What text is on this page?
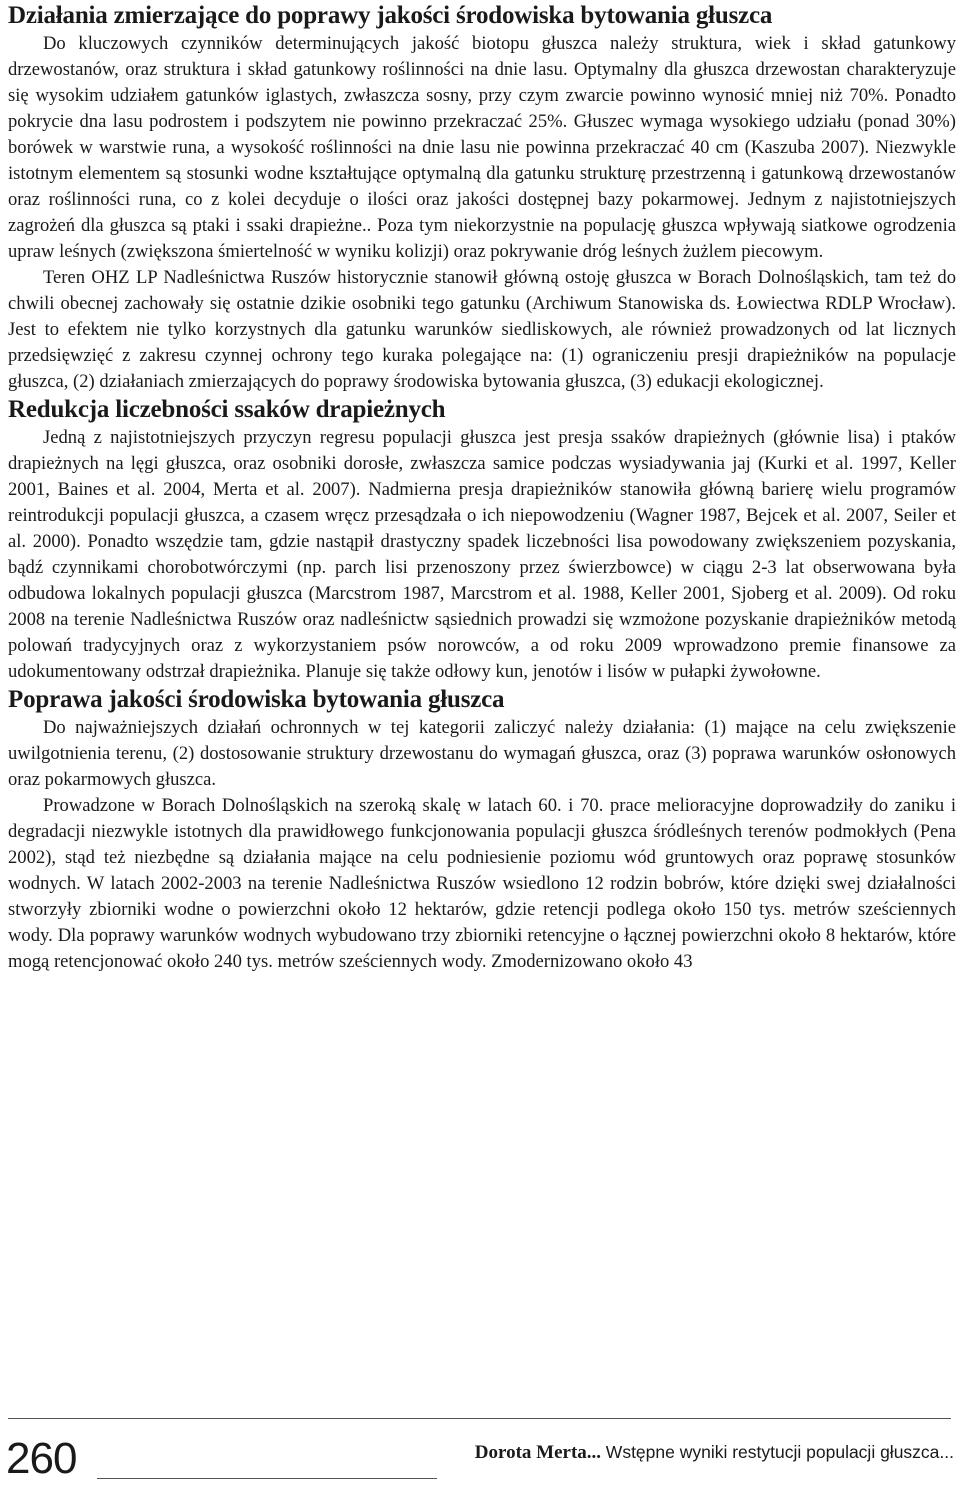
Działania zmierzające do poprawy jakości środowiska bytowania głuszca

Do kluczowych czynników determinujących jakość biotopu głuszca należy struktura, wiek i skład gatunkowy drzewostanów, oraz struktura i skład gatunkowy roślinności na dnie lasu. Optymalny dla głuszca drzewostan charakteryzuje się wysokim udziałem gatunków iglastych, zwłaszcza sosny, przy czym zwarcie powinno wynosić mniej niż 70%. Ponadto pokrycie dna lasu podrostem i podszytem nie powinno przekraczać 25%. Głuszec wymaga wysokiego udziału (ponad 30%) borówek w warstwie runa, a wysokość roślinności na dnie lasu nie powinna przekraczać 40 cm (Kaszuba 2007). Niezwykle istotnym elementem są stosunki wodne kształtujące optymalną dla gatunku strukturę przestrzenną i gatunkową drzewostanów oraz roślinności runa, co z kolei decyduje o ilości oraz jakości dostępnej bazy pokarmowej. Jednym z najistotniejszych zagrożeń dla głuszca są ptaki i ssaki drapieżne.. Poza tym niekorzystnie na populację głuszca wpływają siatkowe ogrodzenia upraw leśnych (zwiększona śmiertelność w wyniku kolizji) oraz pokrywanie dróg leśnych żużlem piecowym.

Teren OHZ LP Nadleśnictwa Ruszów historycznie stanowił główną ostoję głuszca w Borach Dolnośląskich, tam też do chwili obecnej zachowały się ostatnie dzikie osobniki tego gatunku (Archiwum Stanowiska ds. Łowiectwa RDLP Wrocław). Jest to efektem nie tylko korzystnych dla gatunku warunków siedliskowych, ale również prowadzonych od lat licznych przedsięwzięć z zakresu czynnej ochrony tego kuraka polegające na: (1) ograniczeniu presji drapieżników na populacje głuszca, (2) działaniach zmierzających do poprawy środowiska bytowania głuszca, (3) edukacji ekologicznej.

Redukcja liczebności ssaków drapieżnych

Jedną z najistotniejszych przyczyn regresu populacji głuszca jest presja ssaków drapieżnych (głównie lisa) i ptaków drapieżnych na lęgi głuszca, oraz osobniki dorosłe, zwłaszcza samice podczas wysiadywania jaj (Kurki et al. 1997, Keller 2001, Baines et al. 2004, Merta et al. 2007). Nadmierna presja drapieżników stanowiła główną barierę wielu programów reintrodukcji populacji głuszca, a czasem wręcz przesądzała o ich niepowodzeniu (Wagner 1987, Bejcek et al. 2007, Seiler et al. 2000). Ponadto wszędzie tam, gdzie nastąpił drastyczny spadek liczebności lisa powodowany zwiększeniem pozyskania, bądź czynnikami chorobotwórczymi (np. parch lisi przenoszony przez świerzbowce) w ciągu 2-3 lat obserwowana była odbudowa lokalnych populacji głuszca (Marcstrom 1987, Marcstrom et al. 1988, Keller 2001, Sjoberg et al. 2009). Od roku 2008 na terenie Nadleśnictwa Ruszów oraz nadleśnictw sąsiednich prowadzi się wzmożone pozyskanie drapieżników metodą polowań tradycyjnych oraz z wykorzystaniem psów norowców, a od roku 2009 wprowadzono premie finansowe za udokumentowany odstrzał drapieżnika. Planuje się także odłowy kun, jenotów i lisów w pułapki żywołowne.

Poprawa jakości środowiska bytowania głuszca

Do najważniejszych działań ochronnych w tej kategorii zaliczyć należy działania: (1) mające na celu zwiększenie uwilgotnienia terenu, (2) dostosowanie struktury drzewostanu do wymagań głuszca, oraz (3) poprawa warunków osłonowych oraz pokarmowych głuszca.

Prowadzone w Borach Dolnośląskich na szeroką skalę w latach 60. i 70. prace melioracyjne doprowadziły do zaniku i degradacji niezwykle istotnych dla prawidłowego funkcjonowania populacji głuszca śródleśnych terenów podmokłych (Pena 2002), stąd też niezbędne są działania mające na celu podniesienie poziomu wód gruntowych oraz poprawę stosunków wodnych. W latach 2002-2003 na terenie Nadleśnictwa Ruszów wsiedlono 12 rodzin bobrów, które dzięki swej działalności stworzyły zbiorniki wodne o powierzchni około 12 hektarów, gdzie retencji podlega około 150 tys. metrów sześciennych wody. Dla poprawy warunków wodnych wybudowano trzy zbiorniki retencyjne o łącznej powierzchni około 8 hektarów, które mogą retencjonować około 240 tys. metrów sześciennych wody. Zmodernizowano około 43

260	Dorota Merta... Wstępne wyniki restytucji populacji głuszca...
